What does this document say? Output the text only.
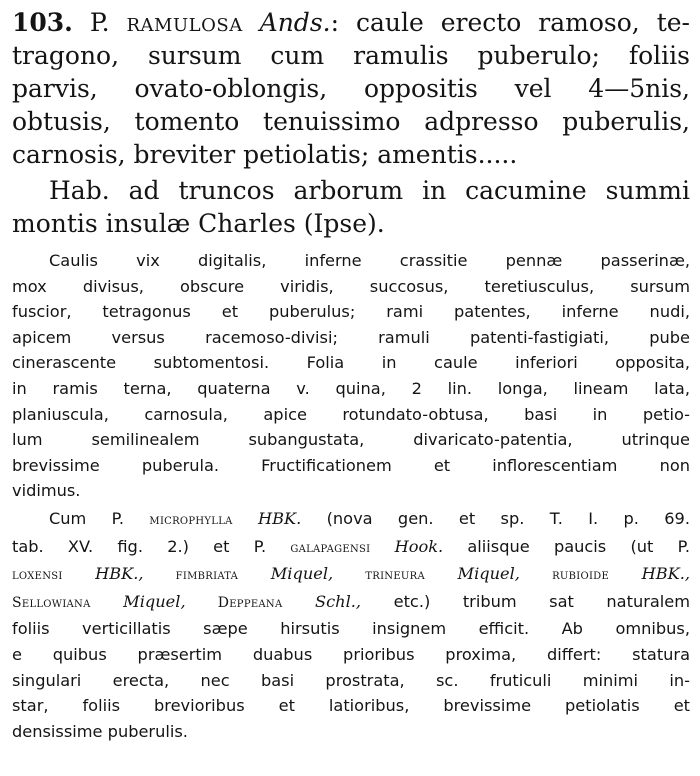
103. P. ramulosa Ands.: caule erecto ramoso, te-
tragono, sursum cum ramulis puberulo; foliis
parvis, ovato-oblongis, oppositis vel 4—5nis,
obtusis, tomento tenuissimo adpresso puberulis,
carnosis, breviter petiolatis; amentis.....
Hab. ad truncos arborum in cacumine summi
montis insulæ Charles (Ipse).
Caulis vix digitalis, inferne crassitie pennæ passerinæ,
mox divisus, obscure viridis, succosus, teretiusculus, sursum
fuscior, tetragonus et puberulus; rami patentes, inferne nudi,
apicem versus racemoso-divisi; ramuli patenti-fastigiati, pube
cinerascente subtomentosi. Folia in caule inferiori opposita,
in ramis terna, quaterna v. quina, 2 lin. longa, lineam lata,
planiuscula, carnosula, apice rotundato-obtusa, basi in petio-
lum semilinealem subangustata, divaricato-patentia, utrinque
brevissime puberula. Fructificationem et inflorescentiam non
vidimus.
Cum P. microphylla HBK. (nova gen. et sp. T. I. p. 69.
tab. XV. fig. 2.) et P. galapagensi Hook. aliisque paucis (ut P.
loxensi HBK., fimbriata Miquel, trineura Miquel, rubioide HBK.,
Sellowiana Miquel, Deppeana Schl., etc.) tribum sat naturalem
foliis verticillatis sæpe hirsutis insignem efficit. Ab omnibus,
e quibus præsertim duabus prioribus proxima, differt: statura
singulari erecta, nec basi prostrata, sc. fruticuli minimi in-
star, foliis brevioribus et latioribus, brevissime petiolatis et
densissime puberulis.
